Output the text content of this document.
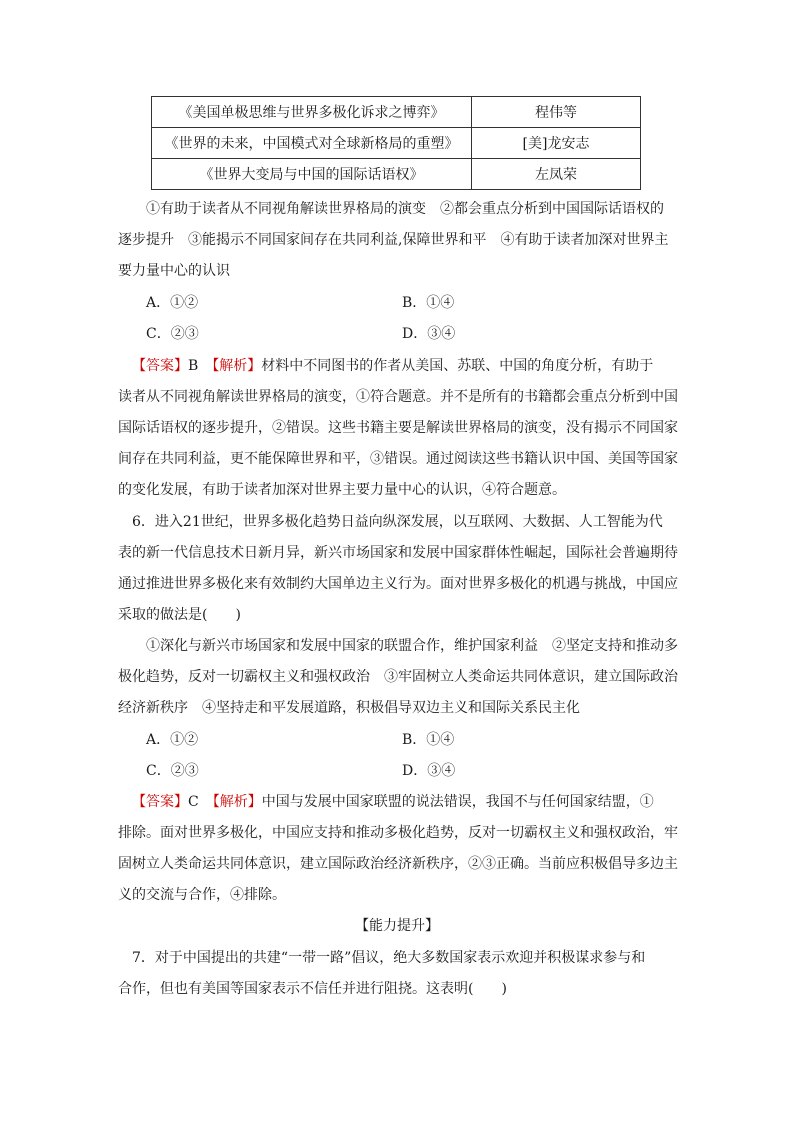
《美国单极思维与世界多极化诉求之博弈》	程伟等
《世界的未来，中国模式对全球新格局的重塑》	[美]龙安志
《世界大变局与中国的国际话语权》	左凤荣
①有助于读者从不同视角解读世界格局的演变　②都会重点分析到中国国际话语权的
逐步提升　③能揭示不同国家间存在共同利益,保障世界和平　④有助于读者加深对世界主
要力量中心的认识
A．①②	B．①④
C．②③	D．③④
【答案】B　【解析】材料中不同图书的作者从美国、苏联、中国的角度分析，有助于
读者从不同视角解读世界格局的演变，①符合题意。并不是所有的书籍都会重点分析到中国
国际话语权的逐步提升，②错误。这些书籍主要是解读世界格局的演变，没有揭示不同国家
间存在共同利益，更不能保障世界和平，③错误。通过阅读这些书籍认识中国、美国等国家
的变化发展，有助于读者加深对世界主要力量中心的认识，④符合题意。
6．进入21世纪，世界多极化趋势日益向纵深发展，以互联网、大数据、人工智能为代
表的新一代信息技术日新月异，新兴市场国家和发展中国家群体性崛起，国际社会普遍期待
通过推进世界多极化来有效制约大国单边主义行为。面对世界多极化的机遇与挑战，中国应
采取的做法是(　　)
①深化与新兴市场国家和发展中国家的联盟合作，维护国家利益　②坚定支持和推动多
极化趋势，反对一切霸权主义和强权政治　③牢固树立人类命运共同体意识，建立国际政治
经济新秩序　④坚持走和平发展道路，积极倡导双边主义和国际关系民主化
A．①②	B．①④
C．②③	D．③④
【答案】C　【解析】中国与发展中国家联盟的说法错误，我国不与任何国家结盟，①
排除。面对世界多极化，中国应支持和推动多极化趋势，反对一切霸权主义和强权政治，牢
固树立人类命运共同体意识，建立国际政治经济新秩序，②③正确。当前应积极倡导多边主
义的交流与合作，④排除。
【能力提升】
7．对于中国提出的共建“一带一路”倡议，绝大多数国家表示欢迎并积极谋求参与和
合作，但也有美国等国家表示不信任并进行阻挠。这表明(　　)
